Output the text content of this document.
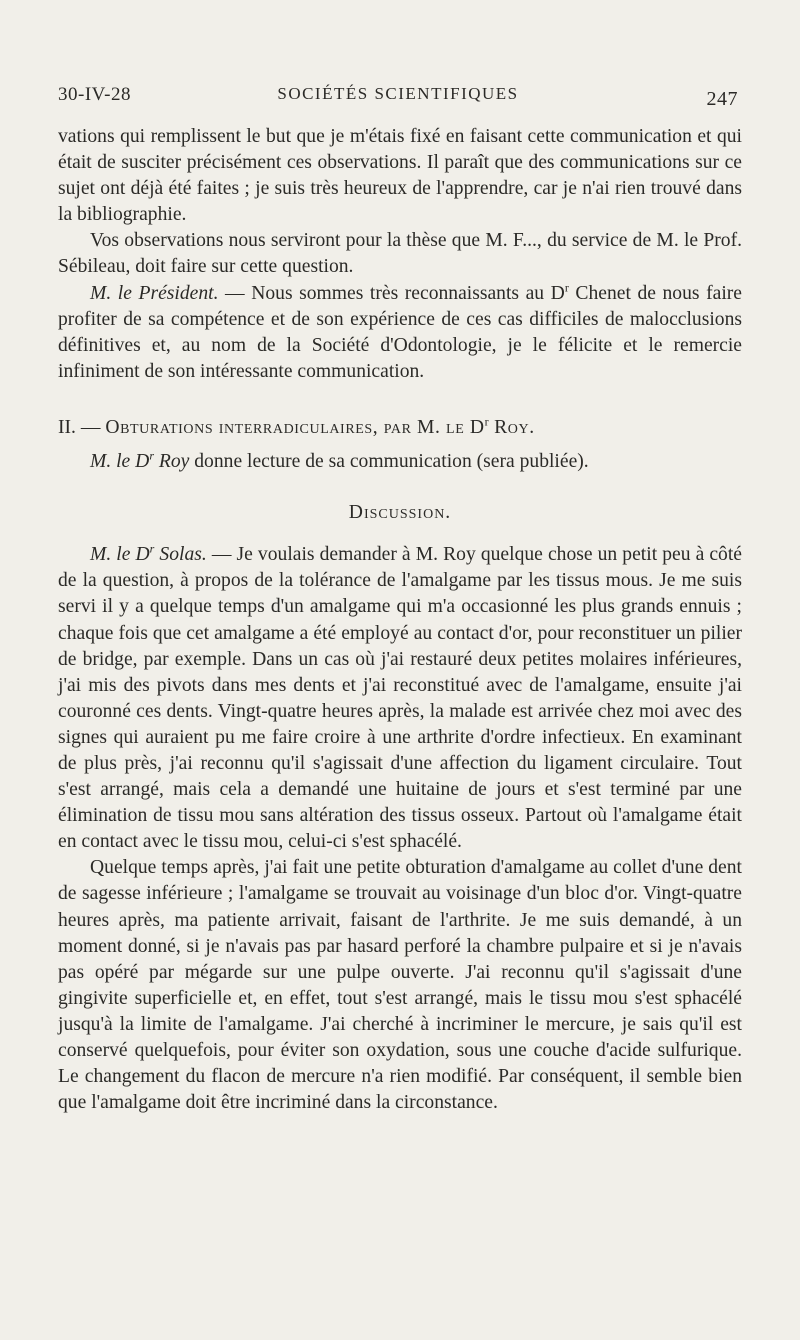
30-IV-28	SOCIÉTÉS SCIENTIFIQUES	247

vations qui remplissent le but que je m'étais fixé en faisant cette communication et qui était de susciter précisément ces observations. Il paraît que des communications sur ce sujet ont déjà été faites ; je suis très heureux de l'apprendre, car je n'ai rien trouvé dans la bibliographie.

Vos observations nous serviront pour la thèse que M. F..., du service de M. le Prof. Sébileau, doit faire sur cette question.

M. le Président. — Nous sommes très reconnaissants au $D^r$ Chenet de nous faire profiter de sa compétence et de son expérience de ces cas difficiles de malocclusions définitives et, au nom de la Société d'Odontologie, je le félicite et le remercie infiniment de son intéressante communication.

II. — Obturations interradiculaires, par M. le $D^r$ Roy.

M. le $D^r$ Roy donne lecture de sa communication (sera publiée).

Discussion.

M. le $D^r$ Solas. — Je voulais demander à M. Roy quelque chose un petit peu à côté de la question, à propos de la tolérance de l'amalgame par les tissus mous. Je me suis servi il y a quelque temps d'un amalgame qui m'a occasionné les plus grands ennuis ; chaque fois que cet amalgame a été employé au contact d'or, pour reconstituer un pilier de bridge, par exemple. Dans un cas où j'ai restauré deux petites molaires inférieures, j'ai mis des pivots dans mes dents et j'ai reconstitué avec de l'amalgame, ensuite j'ai couronné ces dents. Vingt-quatre heures après, la malade est arrivée chez moi avec des signes qui auraient pu me faire croire à une arthrite d'ordre infectieux. En examinant de plus près, j'ai reconnu qu'il s'agissait d'une affection du ligament circulaire. Tout s'est arrangé, mais cela a demandé une huitaine de jours et s'est terminé par une élimination de tissu mou sans altération des tissus osseux. Partout où l'amalgame était en contact avec le tissu mou, celui-ci s'est sphacélé.

Quelque temps après, j'ai fait une petite obturation d'amalgame au collet d'une dent de sagesse inférieure ; l'amalgame se trouvait au voisinage d'un bloc d'or. Vingt-quatre heures après, ma patiente arrivait, faisant de l'arthrite. Je me suis demandé, à un moment donné, si je n'avais pas par hasard perforé la chambre pulpaire et si je n'avais pas opéré par mégarde sur une pulpe ouverte. J'ai reconnu qu'il s'agissait d'une gingivite superficielle et, en effet, tout s'est arrangé, mais le tissu mou s'est sphacélé jusqu'à la limite de l'amalgame. J'ai cherché à incriminer le mercure, je sais qu'il est conservé quelquefois, pour éviter son oxydation, sous une couche d'acide sulfurique. Le changement du flacon de mercure n'a rien modifié. Par conséquent, il semble bien que l'amalgame doit être incriminé dans la circonstance.
